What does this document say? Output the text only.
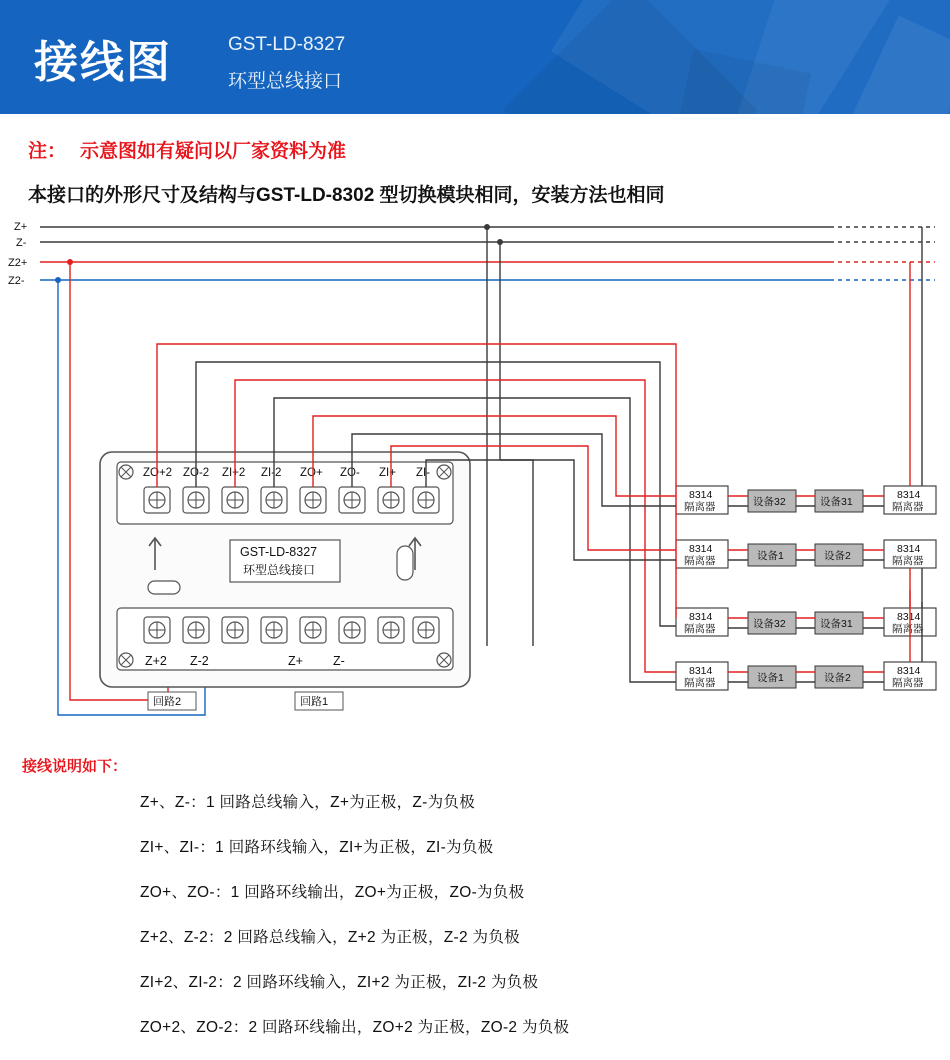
接线图	GST-LD-8327
环型总线接口
注： 示意图如有疑问以厂家资料为准
本接口的外形尺寸及结构与GST-LD-8302 型切换模块相同，安装方法也相同
Z+
Z-
Z2+
Z2-
回路2	回路1
ZO+2 ZO-2 ZI+2 ZI-2 ZO+ ZO- ZI+ ZI-
Z+2 Z-2	Z+ Z-
GST-LD-8327
环型总线接口
8314
隔离器	设备32	设备31
8314
隔离器
8314
隔离器	设备1	设备2
8314
隔离器
8314
隔离器	设备32	设备31
8314
隔离器
8314
隔离器	设备1	设备2
8314
隔离器
接线说明如下：
Z+、Z-：1 回路总线输入，Z+为正极，Z-为负极
ZI+、ZI-：1 回路环线输入，ZI+为正极，ZI-为负极
ZO+、ZO-：1 回路环线输出，ZO+为正极，ZO-为负极
Z+2、Z-2：2 回路总线输入，Z+2 为正极，Z-2 为负极
ZI+2、ZI-2：2 回路环线输入，ZI+2 为正极，ZI-2 为负极
ZO+2、ZO-2：2 回路环线输出，ZO+2 为正极，ZO-2 为负极
